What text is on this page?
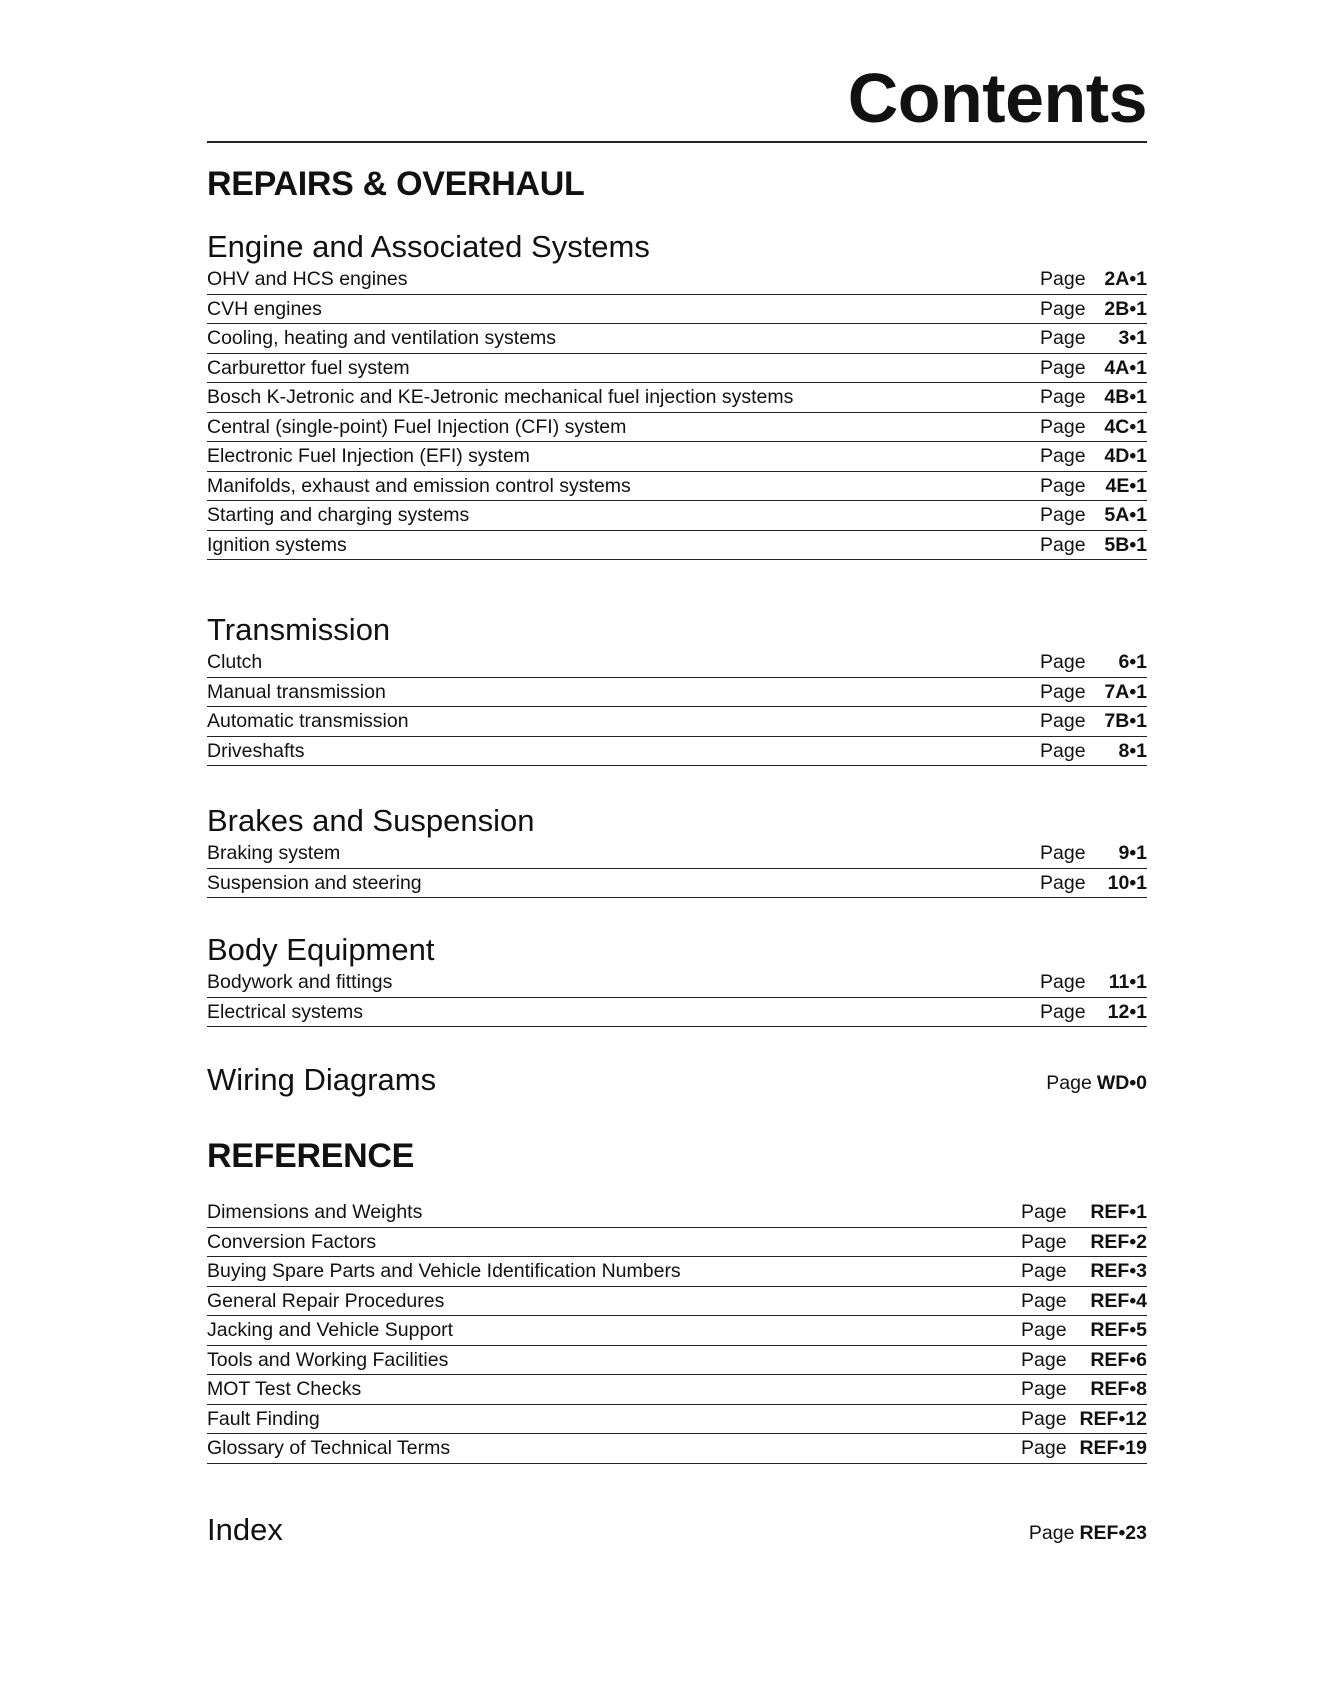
Contents
REPAIRS & OVERHAUL
Engine and Associated Systems
OHV and HCS engines	Page 2A•1
CVH engines	Page 2B•1
Cooling, heating and ventilation systems	Page 3•1
Carburettor fuel system	Page 4A•1
Bosch K-Jetronic and KE-Jetronic mechanical fuel injection systems	Page 4B•1
Central (single-point) Fuel Injection (CFI) system	Page 4C•1
Electronic Fuel Injection (EFI) system	Page 4D•1
Manifolds, exhaust and emission control systems	Page 4E•1
Starting and charging systems	Page 5A•1
Ignition systems	Page 5B•1
Transmission
Clutch	Page 6•1
Manual transmission	Page 7A•1
Automatic transmission	Page 7B•1
Driveshafts	Page 8•1
Brakes and Suspension
Braking system	Page 9•1
Suspension and steering	Page 10•1
Body Equipment
Bodywork and fittings	Page 11•1
Electrical systems	Page 12•1
Wiring Diagrams	Page WD•0
REFERENCE
Dimensions and Weights	Page REF•1
Conversion Factors	Page REF•2
Buying Spare Parts and Vehicle Identification Numbers	Page REF•3
General Repair Procedures	Page REF•4
Jacking and Vehicle Support	Page REF•5
Tools and Working Facilities	Page REF•6
MOT Test Checks	Page REF•8
Fault Finding	Page REF•12
Glossary of Technical Terms	Page REF•19
Index	Page REF•23
